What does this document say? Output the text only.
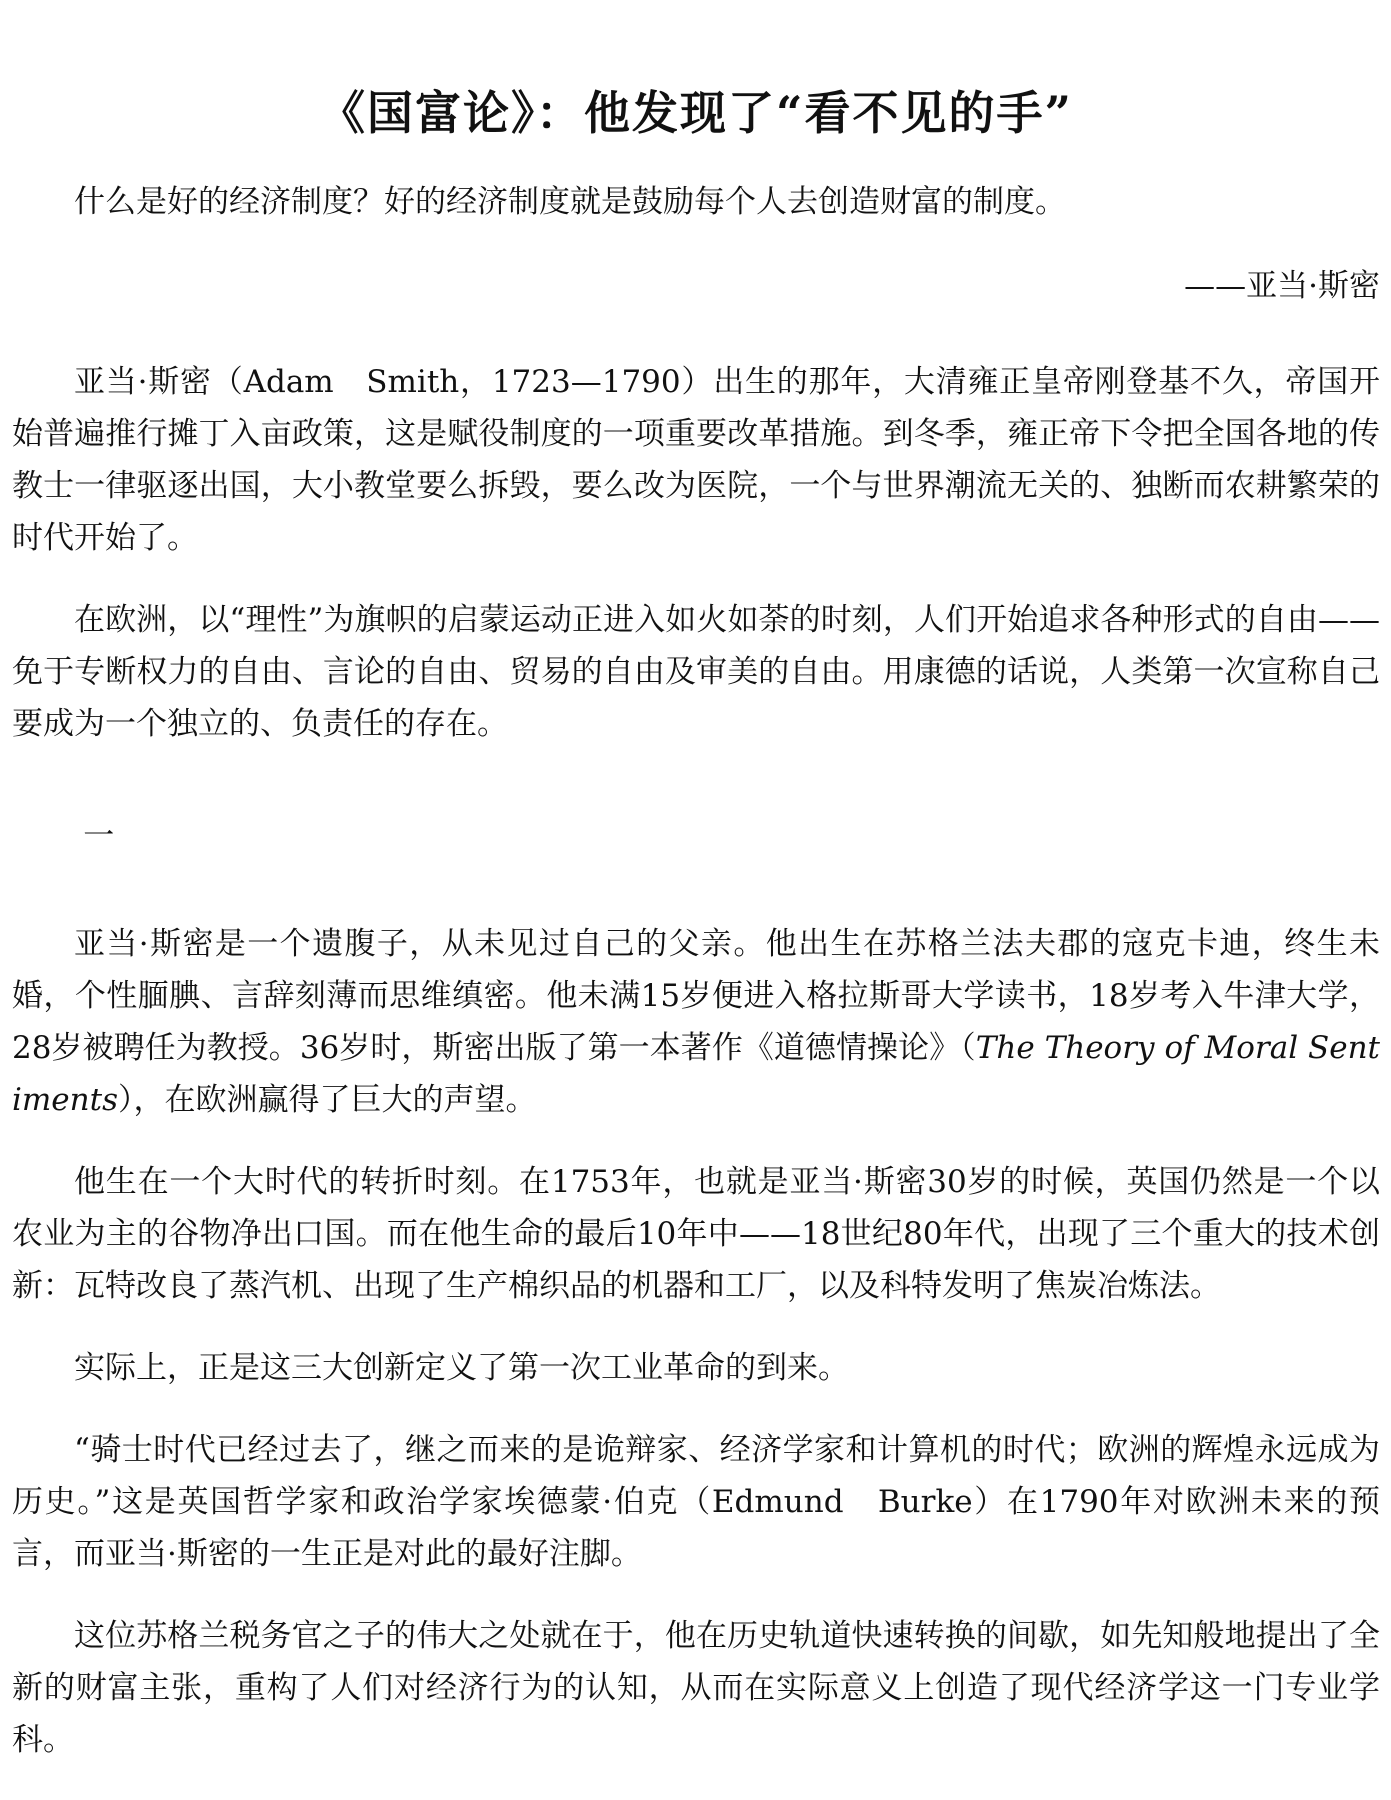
《国富论》：他发现了“看不见的手”

什么是好的经济制度？好的经济制度就是鼓励每个人去创造财富的制度。

——亚当·斯密

亚当·斯密（Adam　Smith，1723—1790）出生的那年，大清雍正皇帝刚登基不久，帝国开始普遍推行摊丁入亩政策，这是赋役制度的一项重要改革措施。到冬季，雍正帝下令把全国各地的传教士一律驱逐出国，大小教堂要么拆毁，要么改为医院，一个与世界潮流无关的、独断而农耕繁荣的时代开始了。

在欧洲，以“理性”为旗帜的启蒙运动正进入如火如荼的时刻，人们开始追求各种形式的自由——免于专断权力的自由、言论的自由、贸易的自由及审美的自由。用康德的话说，人类第一次宣称自己要成为一个独立的、负责任的存在。

一

亚当·斯密是一个遗腹子，从未见过自己的父亲。他出生在苏格兰法夫郡的寇克卡迪，终生未婚，个性腼腆、言辞刻薄而思维缜密。他未满15岁便进入格拉斯哥大学读书，18岁考入牛津大学，28岁被聘任为教授。36岁时，斯密出版了第一本著作《道德情操论》（The Theory of Moral Sentiments），在欧洲赢得了巨大的声望。

他生在一个大时代的转折时刻。在1753年，也就是亚当·斯密30岁的时候，英国仍然是一个以农业为主的谷物净出口国。而在他生命的最后10年中——18世纪80年代，出现了三个重大的技术创新：瓦特改良了蒸汽机、出现了生产棉织品的机器和工厂，以及科特发明了焦炭冶炼法。

实际上，正是这三大创新定义了第一次工业革命的到来。

“骑士时代已经过去了，继之而来的是诡辩家、经济学家和计算机的时代；欧洲的辉煌永远成为历史。”这是英国哲学家和政治学家埃德蒙·伯克（Edmund　Burke）在1790年对欧洲未来的预言，而亚当·斯密的一生正是对此的最好注脚。

这位苏格兰税务官之子的伟大之处就在于，他在历史轨道快速转换的间歇，如先知般地提出了全新的财富主张，重构了人们对经济行为的认知，从而在实际意义上创造了现代经济学这一门专业学科。
